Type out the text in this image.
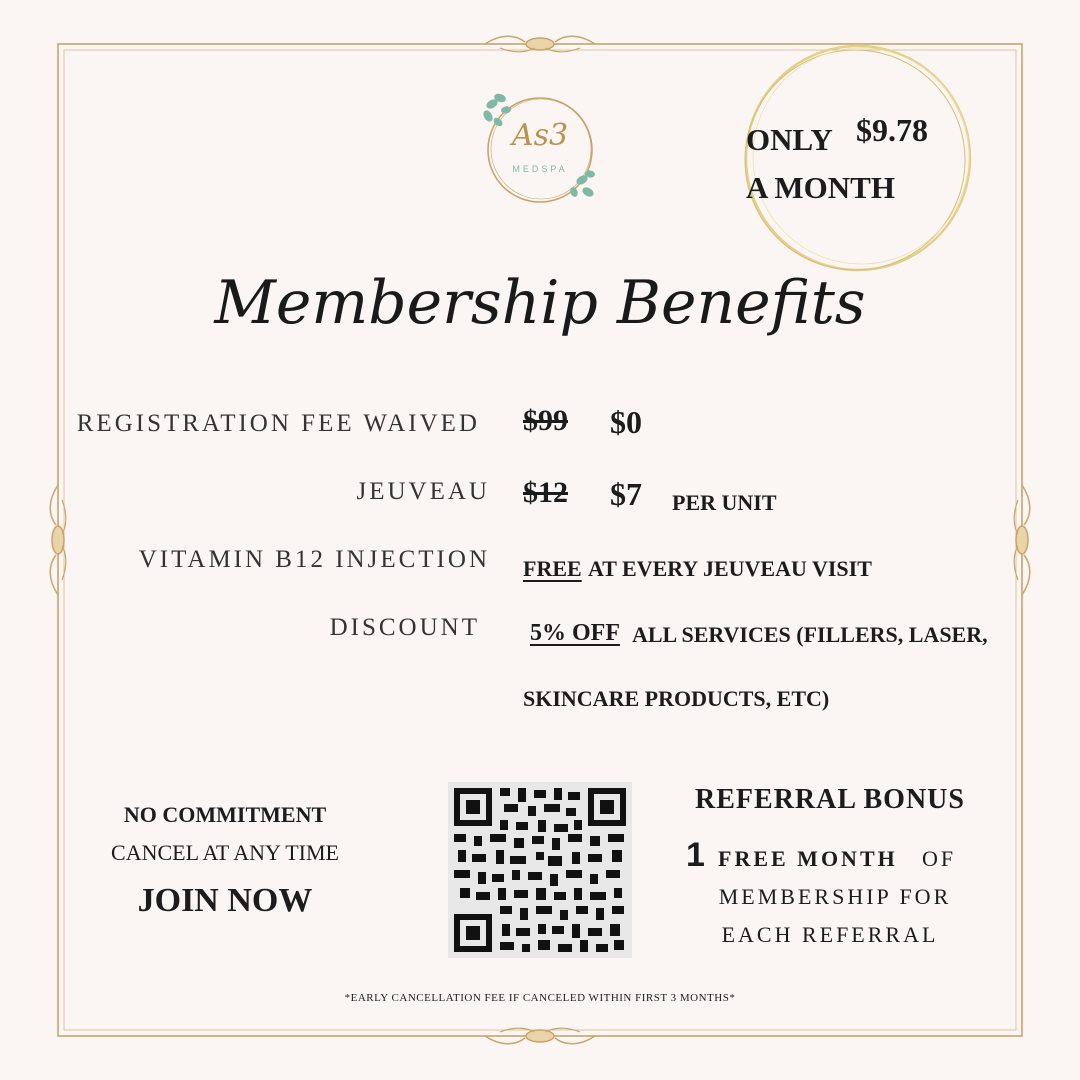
As3
MEDSPA
ONLY $9.78
A MONTH
Membership Benefits
REGISTRATION FEE WAIVED $99 $0
JEUVEAU $12 $7 PER UNIT
VITAMIN B12 INJECTION FREE AT EVERY JEUVEAU VISIT
DISCOUNT 5% OFF ALL SERVICES (FILLERS, LASER,
SKINCARE PRODUCTS, ETC)
NO COMMITMENT
CANCEL AT ANY TIME
JOIN NOW
REFERRAL BONUS
1 FREE MONTH OF
MEMBERSHIP FOR
EACH REFERRAL
*EARLY CANCELLATION FEE IF CANCELED WITHIN FIRST 3 MONTHS*
